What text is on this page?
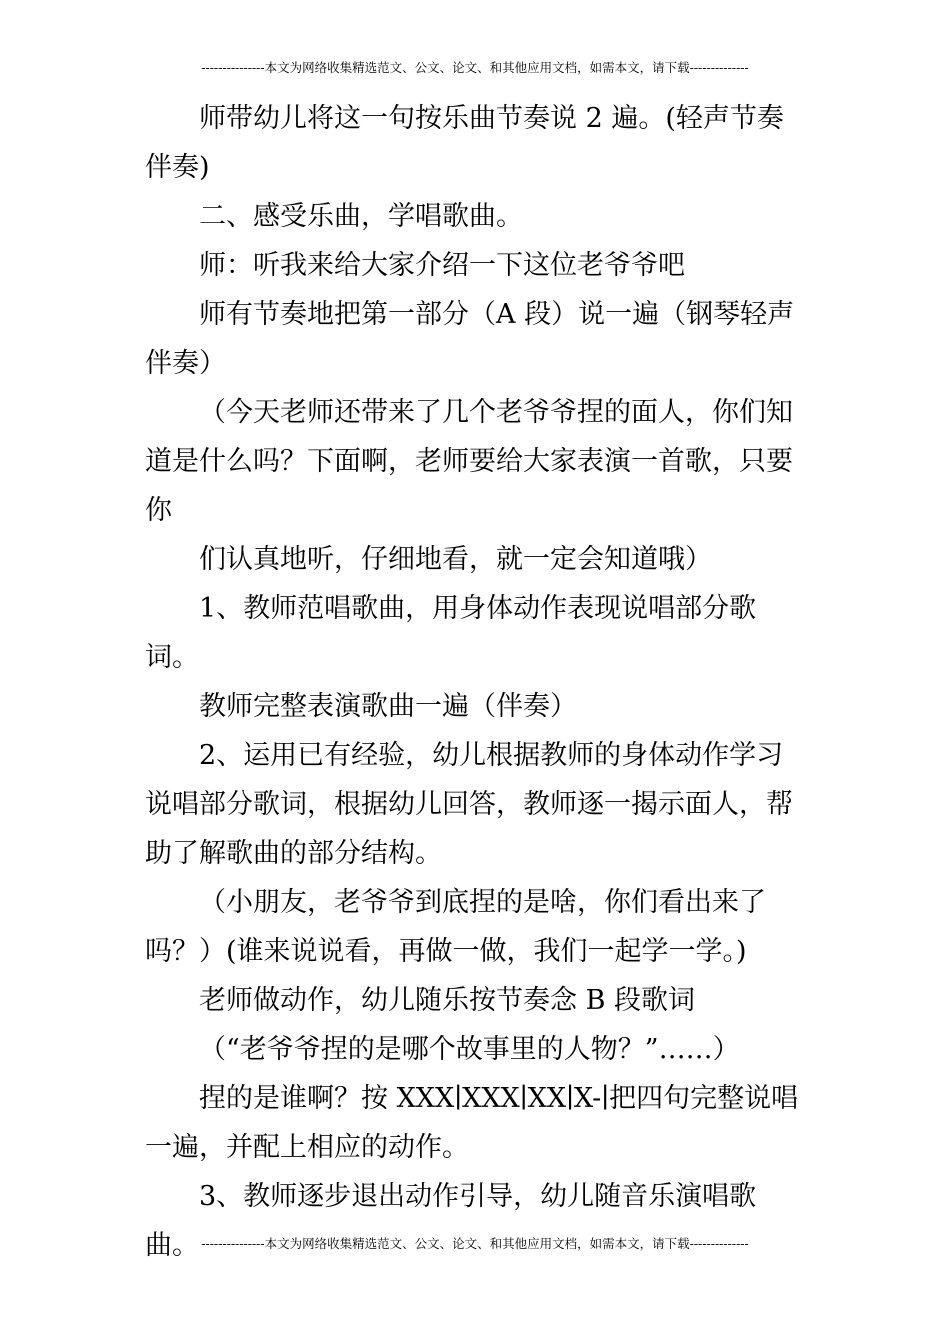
---------------本文为网络收集精选范文、公文、论文、和其他应用文档，如需本文，请下载--------------

师带幼儿将这一句按乐曲节奏说 2 遍。(轻声节奏伴奏)

二、感受乐曲，学唱歌曲。

师：听我来给大家介绍一下这位老爷爷吧

师有节奏地把第一部分（A 段）说一遍（钢琴轻声伴奏）

（今天老师还带来了几个老爷爷捏的面人，你们知道是什么吗？下面啊，老师要给大家表演一首歌，只要你

们认真地听，仔细地看，就一定会知道哦）

1、教师范唱歌曲，用身体动作表现说唱部分歌词。

教师完整表演歌曲一遍（伴奏）

2、运用已有经验，幼儿根据教师的身体动作学习说唱部分歌词，根据幼儿回答，教师逐一揭示面人，帮助了解歌曲的部分结构。

（小朋友，老爷爷到底捏的是啥，你们看出来了吗？）(谁来说说看，再做一做，我们一起学一学。)

老师做动作，幼儿随乐按节奏念 B 段歌词

（“老爷爷捏的是哪个故事里的人物？”……）

捏的是谁啊？按 XXX∣XXX∣XX∣X-∣把四句完整说唱一遍，并配上相应的动作。

3、教师逐步退出动作引导，幼儿随音乐演唱歌曲。 ---------------本文为网络收集精选范文、公文、论文、和其他应用文档，如需本文，请下载--------------
